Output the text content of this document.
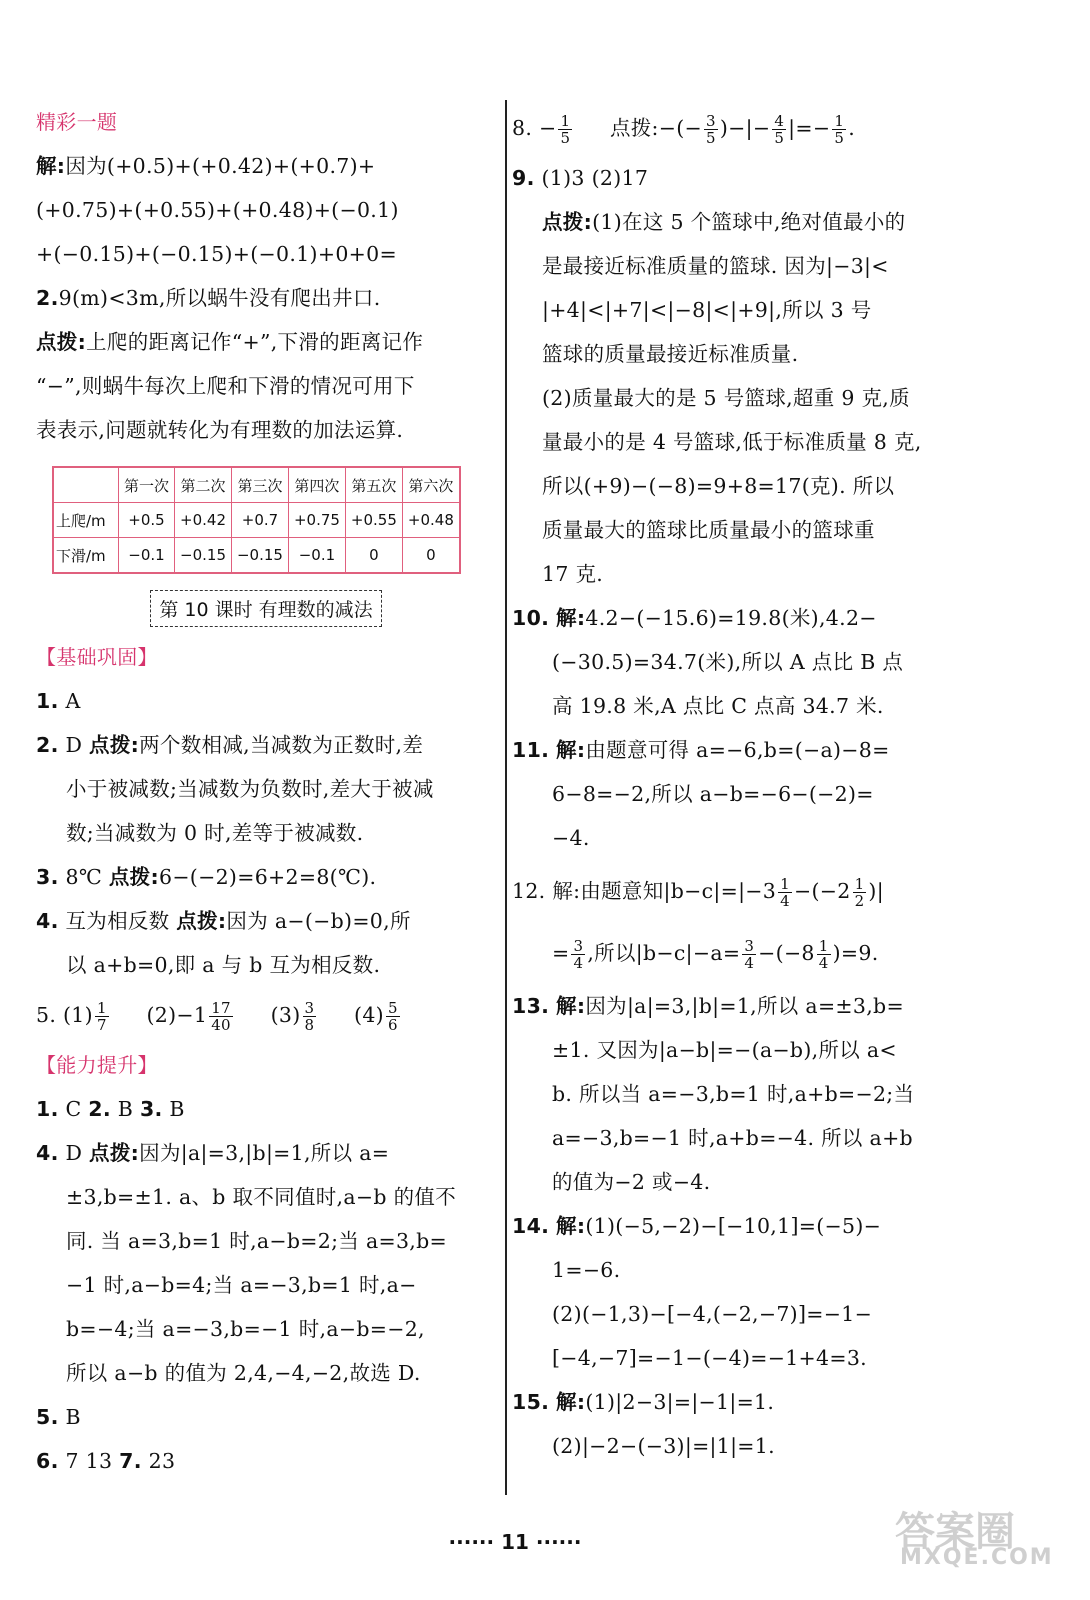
精彩一题
解:因为(+0.5)+(+0.42)+(+0.7)+
(+0.75)+(+0.55)+(+0.48)+(−0.1)
+(−0.15)+(−0.15)+(−0.1)+0+0=
2.9(m)<3m,所以蜗牛没有爬出井口.
点拨:上爬的距离记作“+”,下滑的距离记作
“−”,则蜗牛每次上爬和下滑的情况可用下
表表示,问题就转化为有理数的加法运算.
	第一次	第二次	第三次	第四次	第五次	第六次
上爬/m	+0.5	+0.42	+0.7	+0.75	+0.55	+0.48
下滑/m	−0.1	−0.15	−0.15	−0.1	0	0
第 10 课时 有理数的减法
【基础巩固】
1. A
2. D 点拨:两个数相减,当减数为正数时,差
小于被减数;当减数为负数时,差大于被减
数;当减数为 0 时,差等于被减数.
3. 8℃ 点拨:6−(−2)=6+2=8(℃).
4. 互为相反数 点拨:因为 a−(−b)=0,所
以 a+b=0,即 a 与 b 互为相反数.
5. $(1) \frac{1}{7} (2)-1 \frac{17}{40} (3) \frac{3}{8} (4) \frac{5}{6}$
【能力提升】
1. C 2. B 3. B
4. D 点拨:因为|a|=3,|b|=1,所以 a=
±3,b=±1. a、b 取不同值时,a−b 的值不
同. 当 a=3,b=1 时,a−b=2;当 a=3,b=
−1 时,a−b=4;当 a=−3,b=1 时,a−
b=−4;当 a=−3,b=−1 时,a−b=−2,
所以 a−b 的值为 2,4,−4,−2,故选 D.
5. B
6. 7 13 7. 23
8. − $\frac{1}{5}$ 点拨:−(− $\frac{3}{5}$ )−|− $\frac{4}{5}$ |=− $\frac{1}{5}$ .
9. (1)3 (2)17
点拨:(1)在这 5 个篮球中,绝对值最小的
是最接近标准质量的篮球. 因为|−3|<
|+4|<|+7|<|−8|<|+9|,所以 3 号
篮球的质量最接近标准质量.
(2)质量最大的是 5 号篮球,超重 9 克,质
量最小的是 4 号篮球,低于标准质量 8 克,
所以(+9)−(−8)=9+8=17(克). 所以
质量最大的篮球比质量最小的篮球重
17 克.
10. 解:4.2−(−15.6)=19.8(米),4.2−
(−30.5)=34.7(米),所以 A 点比 B 点
高 19.8 米,A 点比 C 点高 34.7 米.
11. 解:由题意可得 a=−6,b=(−a)−8=
6−8=−2,所以 a−b=−6−(−2)=
−4.
12. 解:由题意知$|b-c|=|-3 \frac{1}{4} -(-2 \frac{1}{2}$ )|
= $\frac{3}{4}$ ,所以$|b-c|-a= \frac{3}{4} -(-8 \frac{1}{4} )=9$.
13. 解:因为|a|=3,|b|=1,所以 a=±3,b=
±1. 又因为|a−b|=−(a−b),所以 a<
b. 所以当 a=−3,b=1 时,a+b=−2;当
a=−3,b=−1 时,a+b=−4. 所以 a+b
的值为−2 或−4.
14. 解:(1)(−5,−2)−[−10,1]=(−5)−
1=−6.
(2)(−1,3)−[−4,(−2,−7)]=−1−
[−4,−7]=−1−(−4)=−1+4=3.
15. 解:(1)|2−3|=|−1|=1.
(2)|−2−(−3)|=|1|=1.
······ 11 ······	答案圈
MXQE.COM
